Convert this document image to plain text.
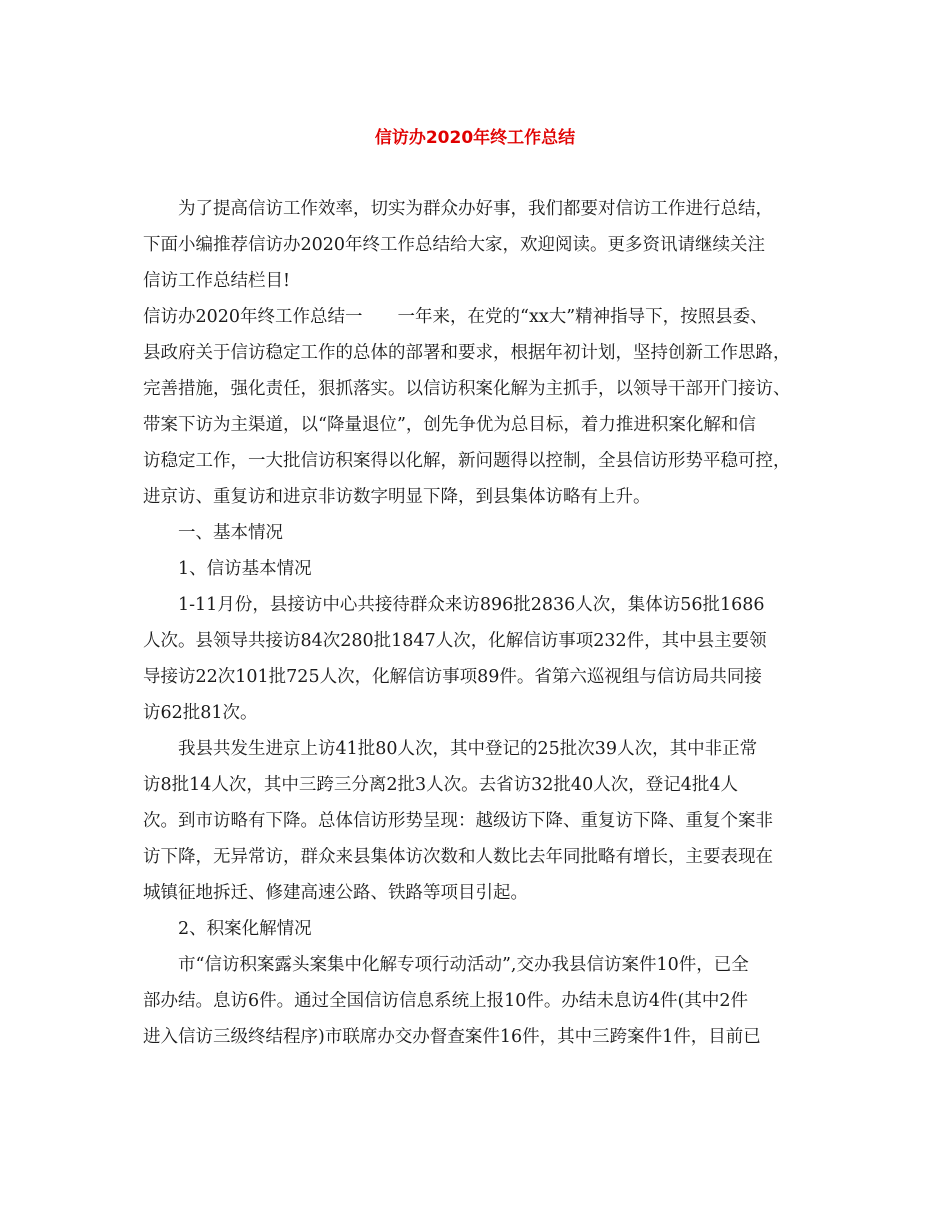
信访办2020年终工作总结
为了提高信访工作效率，切实为群众办好事，我们都要对信访工作进行总结，
下面小编推荐信访办2020年终工作总结给大家，欢迎阅读。更多资讯请继续关注
信访工作总结栏目!
信访办2020年终工作总结一　　一年来，在党的“xx大”精神指导下，按照县委、
县政府关于信访稳定工作的总体的部署和要求，根据年初计划，坚持创新工作思路，
完善措施，强化责任，狠抓落实。以信访积案化解为主抓手，以领导干部开门接访、
带案下访为主渠道，以“降量退位”，创先争优为总目标，着力推进积案化解和信
访稳定工作，一大批信访积案得以化解，新问题得以控制，全县信访形势平稳可控，
进京访、重复访和进京非访数字明显下降，到县集体访略有上升。
一、基本情况
1、信访基本情况
1-11月份，县接访中心共接待群众来访896批2836人次，集体访56批1686
人次。县领导共接访84次280批1847人次，化解信访事项232件，其中县主要领
导接访22次101批725人次，化解信访事项89件。省第六巡视组与信访局共同接
访62批81次。
我县共发生进京上访41批80人次，其中登记的25批次39人次，其中非正常
访8批14人次，其中三跨三分离2批3人次。去省访32批40人次，登记4批4人
次。到市访略有下降。总体信访形势呈现：越级访下降、重复访下降、重复个案非
访下降，无异常访，群众来县集体访次数和人数比去年同批略有增长，主要表现在
城镇征地拆迁、修建高速公路、铁路等项目引起。
2、积案化解情况
市“信访积案露头案集中化解专项行动活动”,交办我县信访案件10件，已全
部办结。息访6件。通过全国信访信息系统上报10件。办结未息访4件(其中2件
进入信访三级终结程序)市联席办交办督查案件16件，其中三跨案件1件，目前已
